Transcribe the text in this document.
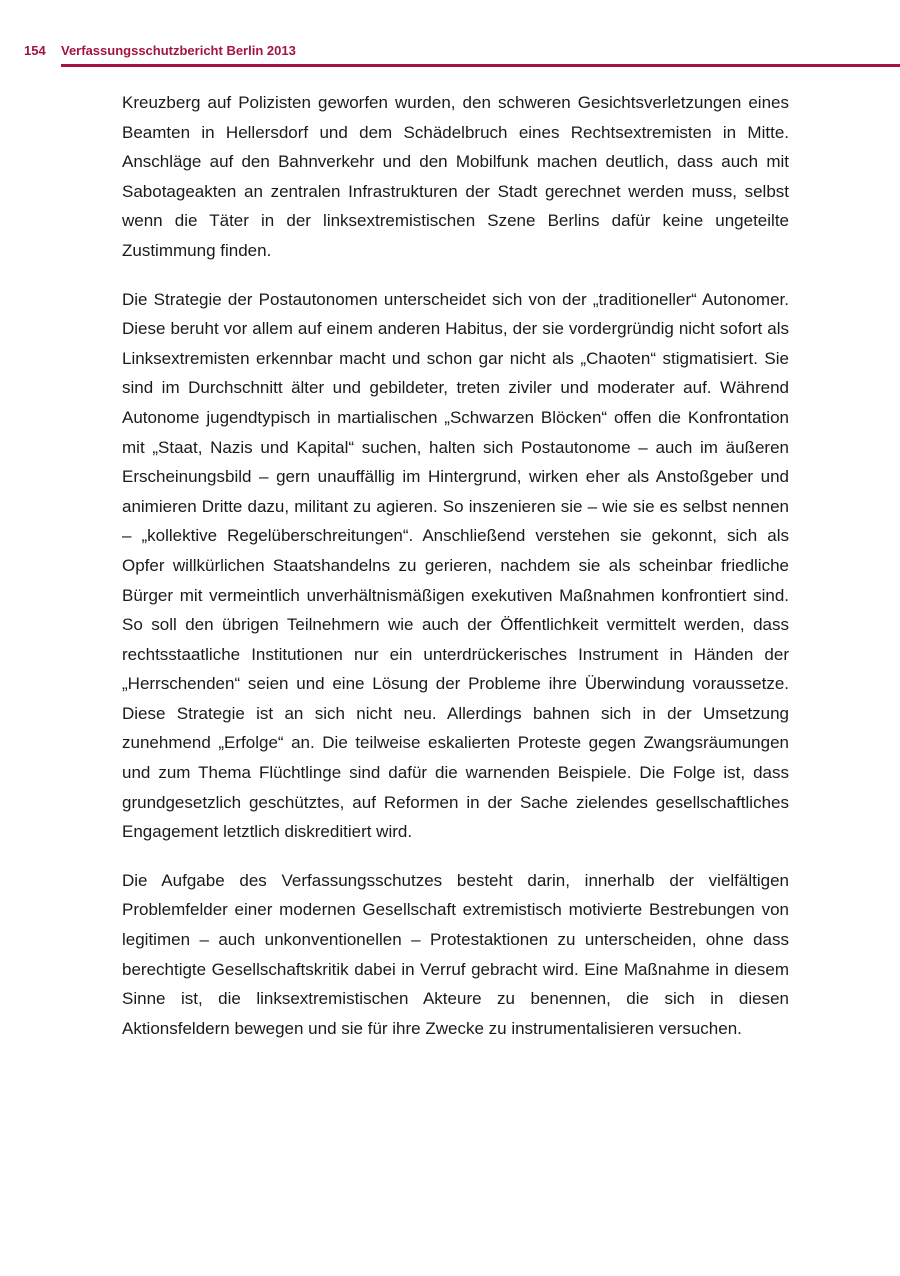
154 Verfassungsschutzbericht Berlin 2013

Kreuzberg auf Polizisten geworfen wurden, den schweren Gesichtsverletzungen eines Beamten in Hellersdorf und dem Schädelbruch eines Rechtsextremisten in Mitte. Anschläge auf den Bahnverkehr und den Mobilfunk machen deutlich, dass auch mit Sabotageakten an zentralen Infrastrukturen der Stadt gerechnet werden muss, selbst wenn die Täter in der linksextremistischen Szene Berlins dafür keine ungeteilte Zustimmung finden.

Die Strategie der Postautonomen unterscheidet sich von der „traditioneller“ Autonomer. Diese beruht vor allem auf einem anderen Habitus, der sie vordergründig nicht sofort als Linksextremisten erkennbar macht und schon gar nicht als „Chaoten“ stigmatisiert. Sie sind im Durchschnitt älter und gebildeter, treten ziviler und moderater auf. Während Autonome jugendtypisch in martialischen „Schwarzen Blöcken“ offen die Konfrontation mit „Staat, Nazis und Kapital“ suchen, halten sich Postautonome – auch im äußeren Erscheinungsbild – gern unauffällig im Hintergrund, wirken eher als Anstoßgeber und animieren Dritte dazu, militant zu agieren. So inszenieren sie – wie sie es selbst nennen – „kollektive Regelüberschreitungen“. Anschließend verstehen sie gekonnt, sich als Opfer willkürlichen Staatshandelns zu gerieren, nachdem sie als scheinbar friedliche Bürger mit vermeintlich unverhältnismäßigen exekutiven Maßnahmen konfrontiert sind. So soll den übrigen Teilnehmern wie auch der Öffentlichkeit vermittelt werden, dass rechtsstaatliche Institutionen nur ein unterdrückerisches Instrument in Händen der „Herrschenden“ seien und eine Lösung der Probleme ihre Überwindung voraussetze. Diese Strategie ist an sich nicht neu. Allerdings bahnen sich in der Umsetzung zunehmend „Erfolge“ an. Die teilweise eskalierten Proteste gegen Zwangsräumungen und zum Thema Flüchtlinge sind dafür die warnenden Beispiele. Die Folge ist, dass grundgesetzlich geschütztes, auf Reformen in der Sache zielendes gesellschaftliches Engagement letztlich diskreditiert wird.

Die Aufgabe des Verfassungsschutzes besteht darin, innerhalb der vielfältigen Problemfelder einer modernen Gesellschaft extremistisch motivierte Bestrebungen von legitimen – auch unkonventionellen – Protestaktionen zu unterscheiden, ohne dass berechtigte Gesellschaftskritik dabei in Verruf gebracht wird. Eine Maßnahme in diesem Sinne ist, die linksextremistischen Akteure zu benennen, die sich in diesen Aktionsfeldern bewegen und sie für ihre Zwecke zu instrumentalisieren versuchen.
